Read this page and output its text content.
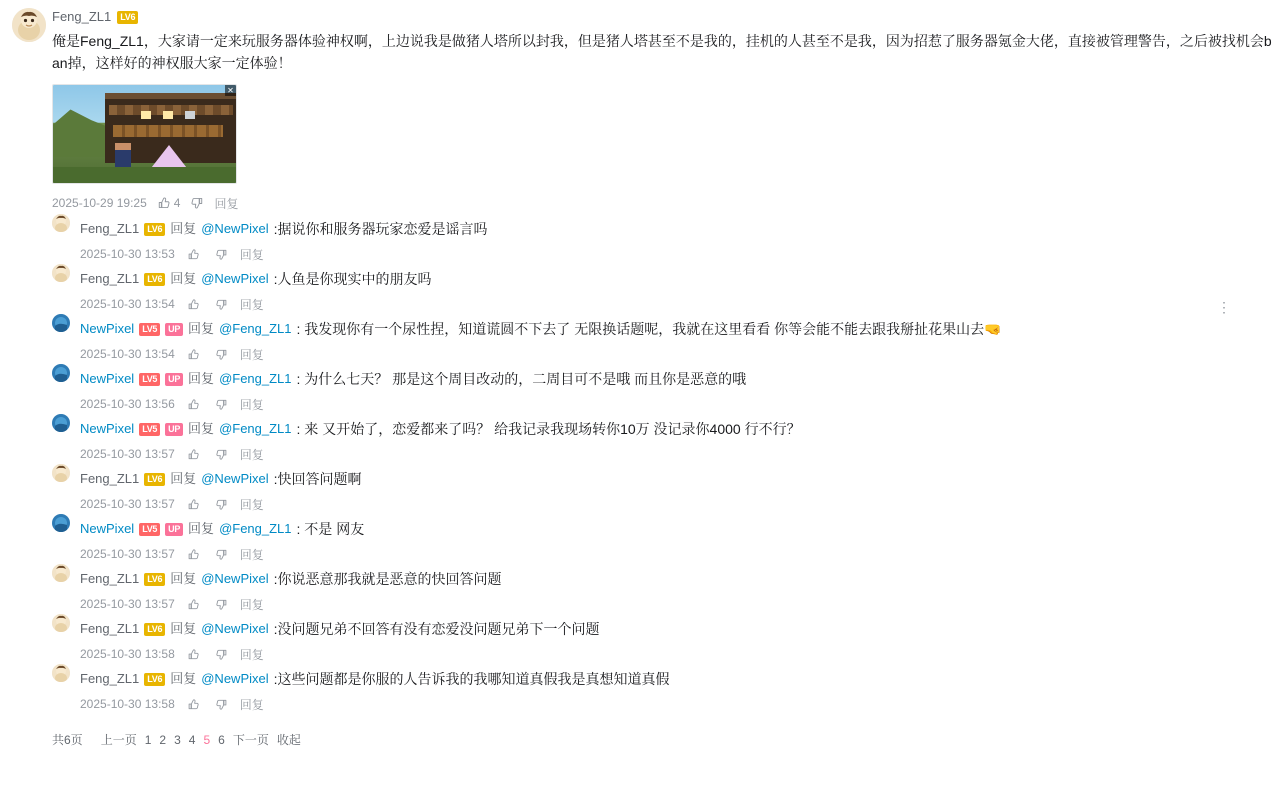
Feng_ZL1	LV6
俺是Feng_ZL1，大家请一定来玩服务器体验神权啊，上边说我是做猪人塔所以封我，但是猪人塔甚至不是我的，挂机的人甚至不是我，因为招惹了服务器氪金大佬，直接被管理警告，之后被找机会ban掉，这样好的神权服大家一定体验！
✕
2025-10-29 19:25 4	回复
Feng_ZL1 LV6 回复 @NewPixel :据说你和服务器玩家恋爱是谣言吗
2025-10-30 13:53	回复
Feng_ZL1 LV6 回复 @NewPixel :人鱼是你现实中的朋友吗
⋮
2025-10-30 13:54	回复
NewPixel LV5	UP 回复 @Feng_ZL1 : 我发现你有一个尿性捏，知道谎圆不下去了 无限换话题呢，我就在这里看看 你等会能不能去跟我掰扯花果山去🤜
2025-10-30 13:54	回复
NewPixel LV5	UP 回复 @Feng_ZL1 : 为什么七天？ 那是这个周目改动的，二周目可不是哦 而且你是恶意的哦
2025-10-30 13:56	回复
NewPixel LV5	UP 回复 @Feng_ZL1 : 来 又开始了，恋爱都来了吗？ 给我记录我现场转你10万 没记录你4000 行不行？
2025-10-30 13:57	回复
Feng_ZL1 LV6 回复 @NewPixel :快回答问题啊
2025-10-30 13:57	回复
NewPixel LV5	UP 回复 @Feng_ZL1 : 不是 网友
2025-10-30 13:57	回复
Feng_ZL1 LV6 回复 @NewPixel :你说恶意那我就是恶意的快回答问题
2025-10-30 13:57	回复
Feng_ZL1 LV6 回复 @NewPixel :没问题兄弟不回答有没有恋爱没问题兄弟下一个问题
2025-10-30 13:58	回复
Feng_ZL1 LV6 回复 @NewPixel :这些问题都是你服的人告诉我的我哪知道真假我是真想知道真假
2025-10-30 13:58	回复
共6页 上一页 1 2 3 4 5 6 下一页 收起
